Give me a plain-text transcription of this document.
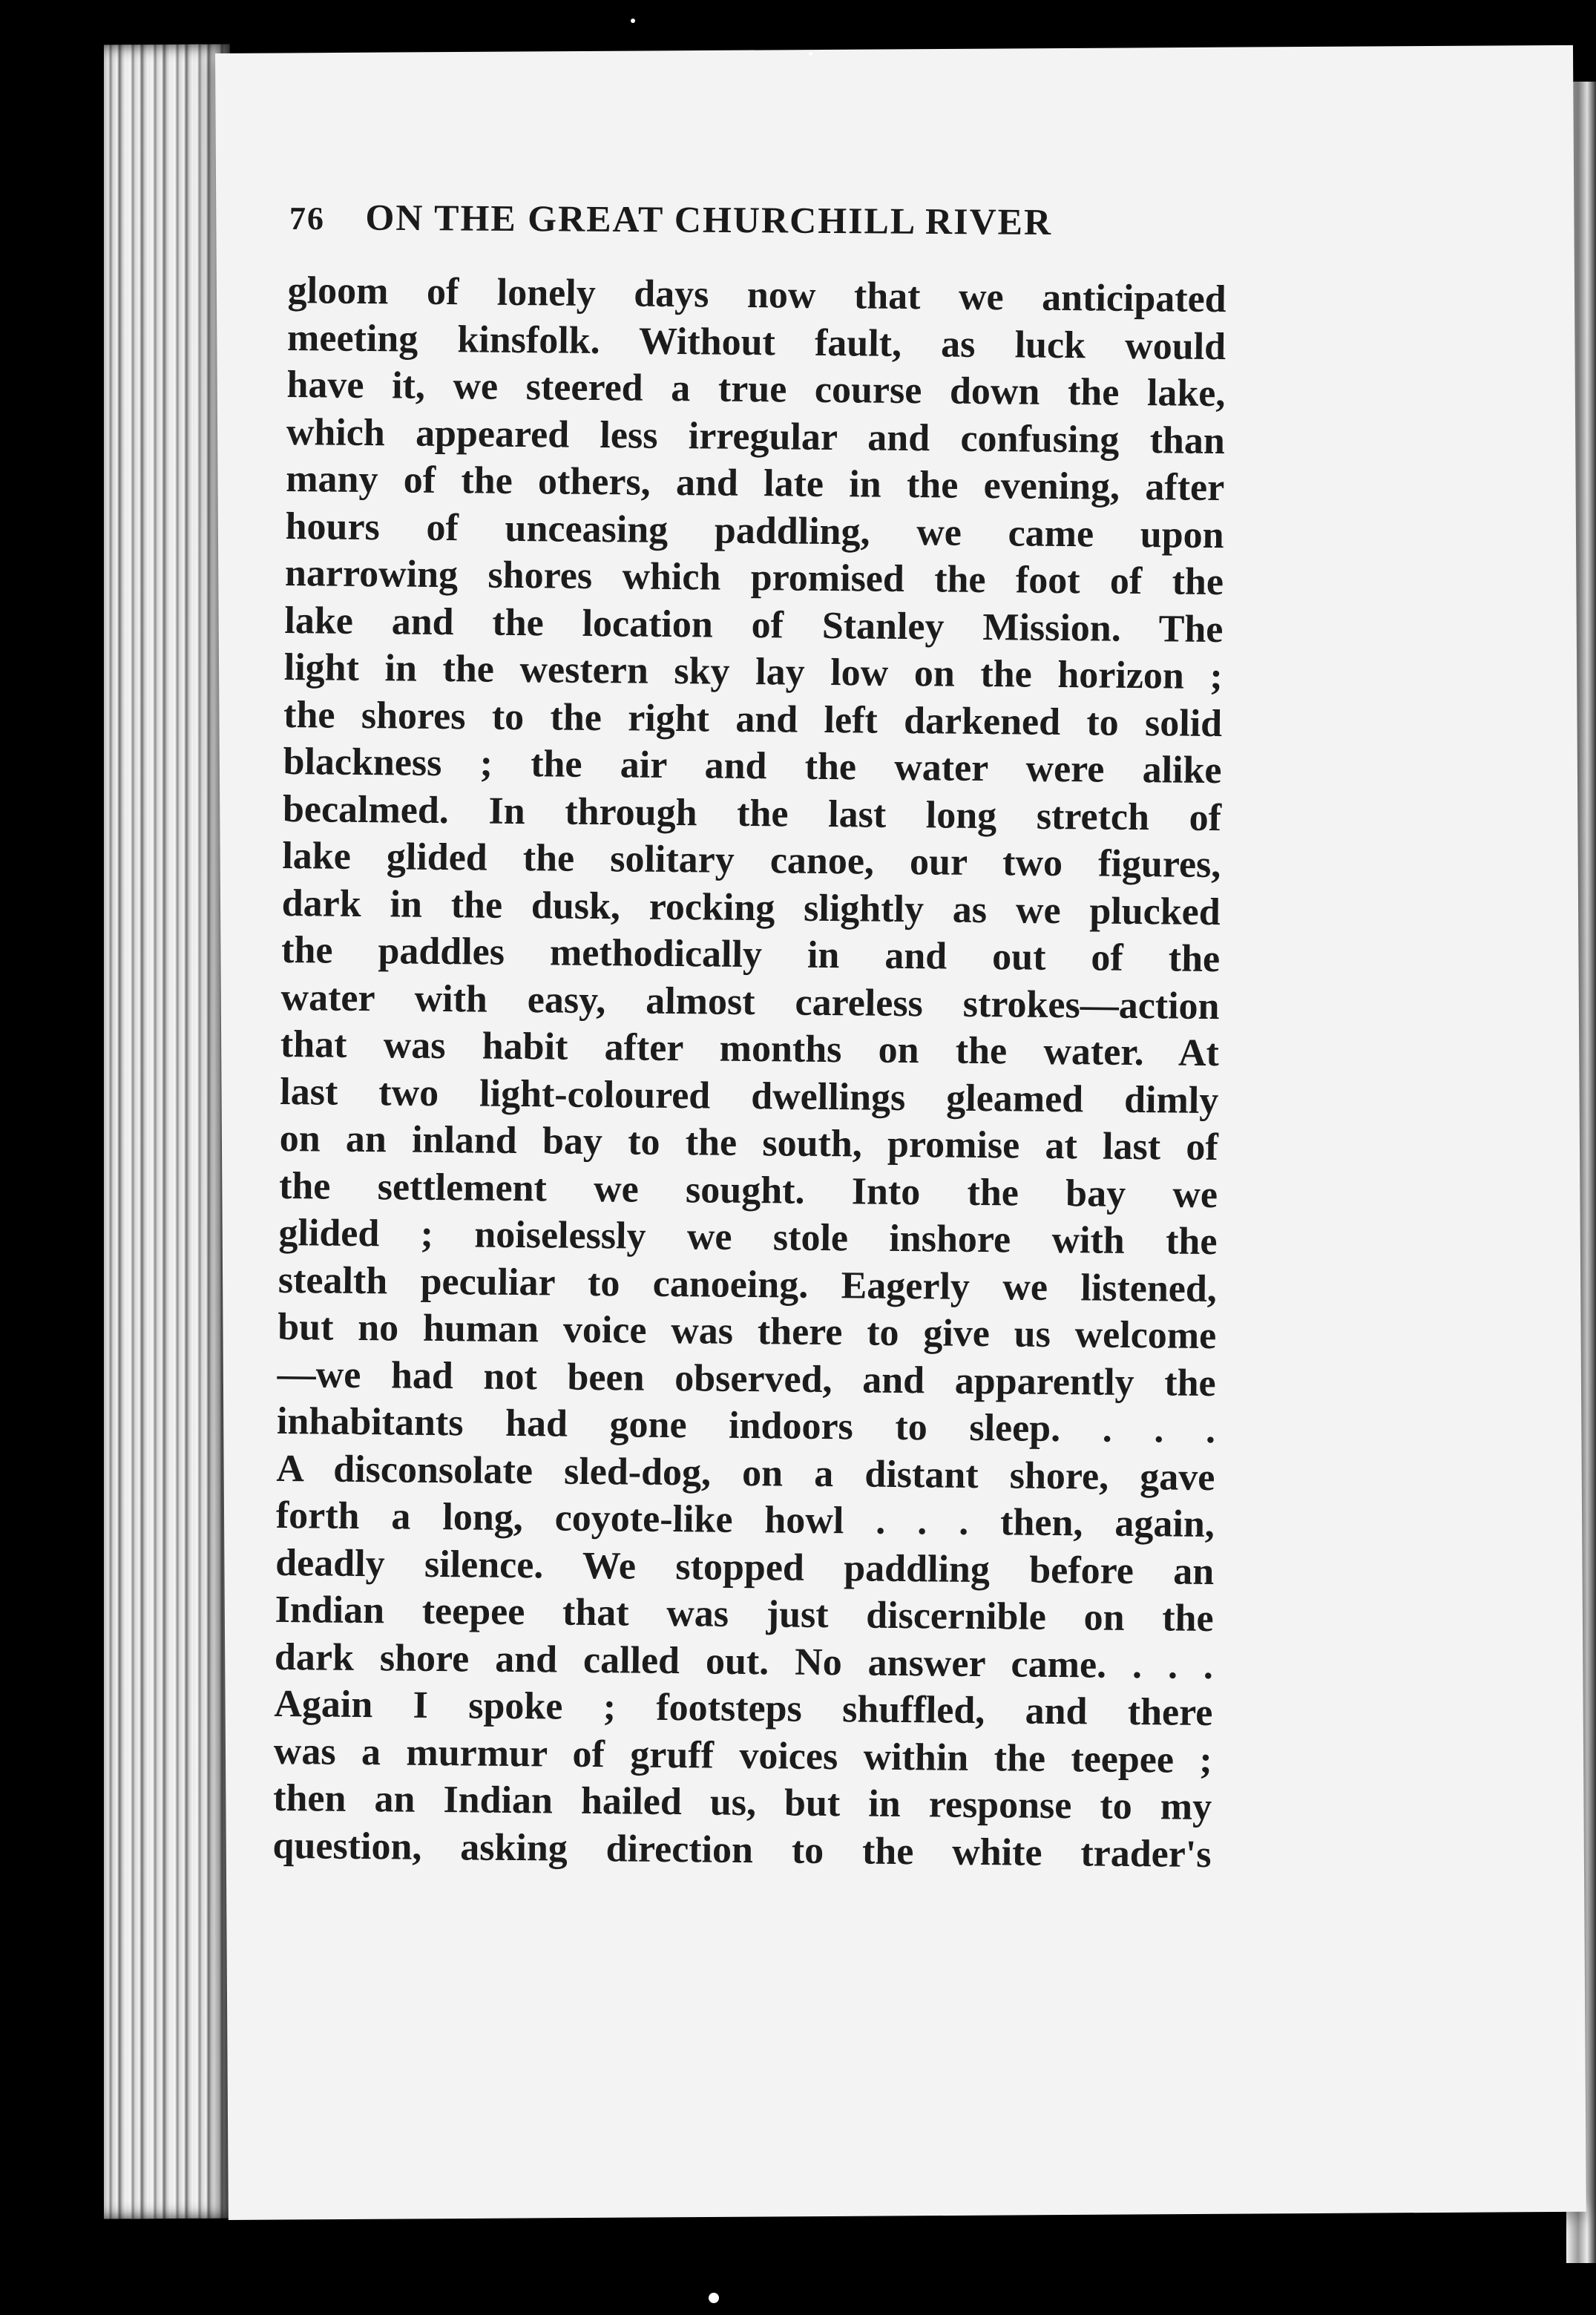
76 ON THE GREAT CHURCHILL RIVER
gloom of lonely days now that we anticipated
meeting kinsfolk. Without fault, as luck would
have it, we steered a true course down the lake,
which appeared less irregular and confusing than
many of the others, and late in the evening, after
hours of unceasing paddling, we came upon
narrowing shores which promised the foot of the
lake and the location of Stanley Mission. The
light in the western sky lay low on the horizon ;
the shores to the right and left darkened to solid
blackness ; the air and the water were alike
becalmed. In through the last long stretch of
lake glided the solitary canoe, our two figures,
dark in the dusk, rocking slightly as we plucked
the paddles methodically in and out of the
water with easy, almost careless strokes—action
that was habit after months on the water. At
last two light-coloured dwellings gleamed dimly
on an inland bay to the south, promise at last of
the settlement we sought. Into the bay we
glided ; noiselessly we stole inshore with the
stealth peculiar to canoeing. Eagerly we listened,
but no human voice was there to give us welcome
—we had not been observed, and apparently the
inhabitants had gone indoors to sleep. . . .
A disconsolate sled-dog, on a distant shore, gave
forth a long, coyote-like howl . . . then, again,
deadly silence. We stopped paddling before an
Indian teepee that was just discernible on the
dark shore and called out. No answer came. . . .
Again I spoke ; footsteps shuffled, and there
was a murmur of gruff voices within the teepee ;
then an Indian hailed us, but in response to my
question, asking direction to the white trader's
